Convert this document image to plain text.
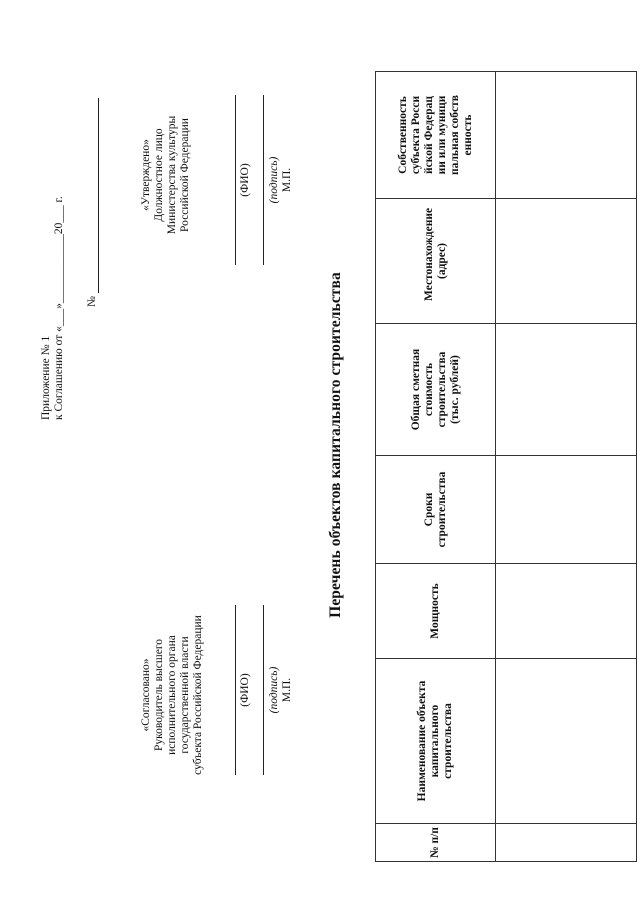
Приложение № 1 к Соглашению от «___»____________20___ г. №
«Утверждено» Должностное лицо Министерства культуры Российской Федерации	(ФИО) (подпись) М.П.
«Согласовано» Руководитель высшего исполнительного органа государственной власти субъекта Российской Федерации	(ФИО) (подпись) М.П.
Перечень объектов капитального строительства
№ п/п	Наименование объекта капитального строительства	Мощность	Сроки строительства	Общая сметная стоимость строительства (тыс. рублей)	Местонахождение (адрес)	Собственность субъекта Российской Федерации или муниципальная собственность
